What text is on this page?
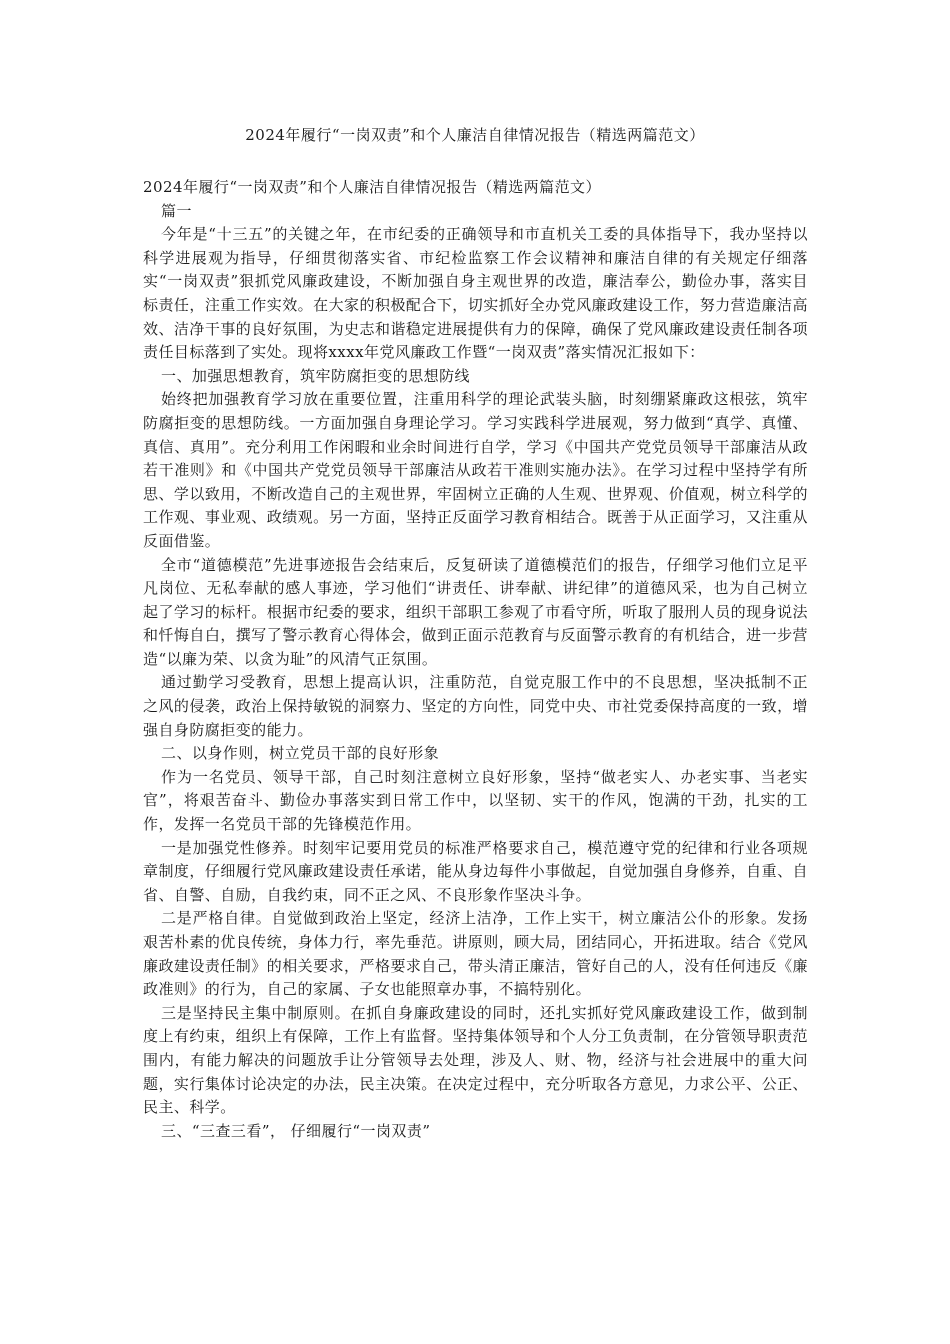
2024年履行“一岗双责”和个人廉洁自律情况报告（精选两篇范文）

2024年履行“一岗双责”和个人廉洁自律情况报告（精选两篇范文）

篇一

今年是“十三五”的关键之年，在市纪委的正确领导和市直机关工委的具体指导下，我办坚持以科学进展观为指导，仔细贯彻落实省、市纪检监察工作会议精神和廉洁自律的有关规定仔细落实“一岗双责”狠抓党风廉政建设，不断加强自身主观世界的改造，廉洁奉公，勤俭办事，落实目标责任，注重工作实效。在大家的积极配合下，切实抓好全办党风廉政建设工作，努力营造廉洁高效、洁净干事的良好氛围，为史志和谐稳定进展提供有力的保障，确保了党风廉政建设责任制各项责任目标落到了实处。现将xxxx年党风廉政工作暨“一岗双责”落实情况汇报如下：

一、加强思想教育，筑牢防腐拒变的思想防线

始终把加强教育学习放在重要位置，注重用科学的理论武装头脑，时刻绷紧廉政这根弦，筑牢防腐拒变的思想防线。一方面加强自身理论学习。学习实践科学进展观，努力做到“真学、真懂、真信、真用”。充分利用工作闲暇和业余时间进行自学，学习《中国共产党党员领导干部廉洁从政若干准则》和《中国共产党党员领导干部廉洁从政若干准则实施办法》。在学习过程中坚持学有所思、学以致用，不断改造自己的主观世界，牢固树立正确的人生观、世界观、价值观，树立科学的工作观、事业观、政绩观。另一方面，坚持正反面学习教育相结合。既善于从正面学习，又注重从反面借鉴。

全市“道德模范”先进事迹报告会结束后，反复研读了道德模范们的报告，仔细学习他们立足平凡岗位、无私奉献的感人事迹，学习他们“讲责任、讲奉献、讲纪律”的道德风采，也为自己树立起了学习的标杆。根据市纪委的要求，组织干部职工参观了市看守所，听取了服刑人员的现身说法和忏悔自白，撰写了警示教育心得体会，做到正面示范教育与反面警示教育的有机结合，进一步营造“以廉为荣、以贪为耻”的风清气正氛围。

通过勤学习受教育，思想上提高认识，注重防范，自觉克服工作中的不良思想，坚决抵制不正之风的侵袭，政治上保持敏锐的洞察力、坚定的方向性，同党中央、市社党委保持高度的一致，增强自身防腐拒变的能力。

二、以身作则，树立党员干部的良好形象

作为一名党员、领导干部，自己时刻注意树立良好形象，坚持“做老实人、办老实事、当老实官”，将艰苦奋斗、勤俭办事落实到日常工作中，以坚韧、实干的作风，饱满的干劲，扎实的工作，发挥一名党员干部的先锋模范作用。

一是加强党性修养。时刻牢记要用党员的标准严格要求自己，模范遵守党的纪律和行业各项规章制度，仔细履行党风廉政建设责任承诺，能从身边每件小事做起，自觉加强自身修养，自重、自省、自警、自励，自我约束，同不正之风、不良形象作坚决斗争。

二是严格自律。自觉做到政治上坚定，经济上洁净，工作上实干，树立廉洁公仆的形象。发扬艰苦朴素的优良传统，身体力行，率先垂范。讲原则，顾大局，团结同心，开拓进取。结合《党风廉政建设责任制》的相关要求，严格要求自己，带头清正廉洁，管好自己的人，没有任何违反《廉政准则》的行为，自己的家属、子女也能照章办事，不搞特别化。

三是坚持民主集中制原则。在抓自身廉政建设的同时，还扎实抓好党风廉政建设工作，做到制度上有约束，组织上有保障，工作上有监督。坚持集体领导和个人分工负责制，在分管领导职责范围内，有能力解决的问题放手让分管领导去处理，涉及人、财、物，经济与社会进展中的重大问题，实行集体讨论决定的办法，民主决策。在决定过程中，充分听取各方意见，力求公平、公正、民主、科学。

三、“三查三看”， 仔细履行“一岗双责”
